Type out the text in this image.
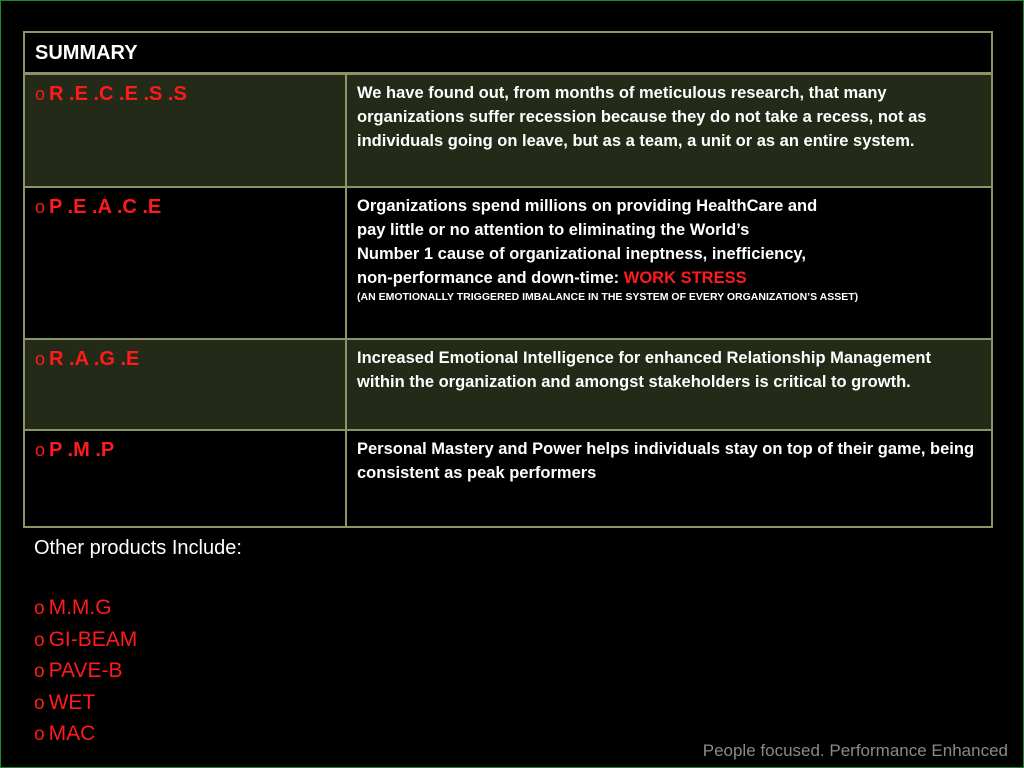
SUMMARY
o R .E .C .E .S .S	We have found out, from months of meticulous research, that many organizations suffer recession because they do not take a recess, not as individuals going on leave, but as a team, a unit or as an entire system.
o P .E .A .C .E	Organizations spend millions on providing HealthCare and
pay little or no attention to eliminating the World’s
Number 1 cause of organizational ineptness, inefficiency,
non-performance and down-time: WORK STRESS
(AN EMOTIONALLY TRIGGERED IMBALANCE IN THE SYSTEM OF EVERY ORGANIZATION’S ASSET)
o R .A .G .E	Increased Emotional Intelligence for enhanced Relationship Management within the organization and amongst stakeholders is critical to growth.
o P .M .P	Personal Mastery and Power helps individuals stay on top of their game, being consistent as peak performers
Other products Include:
o M.M.G
o GI-BEAM
o PAVE-B
o WET
o MAC
People focused. Performance Enhanced
